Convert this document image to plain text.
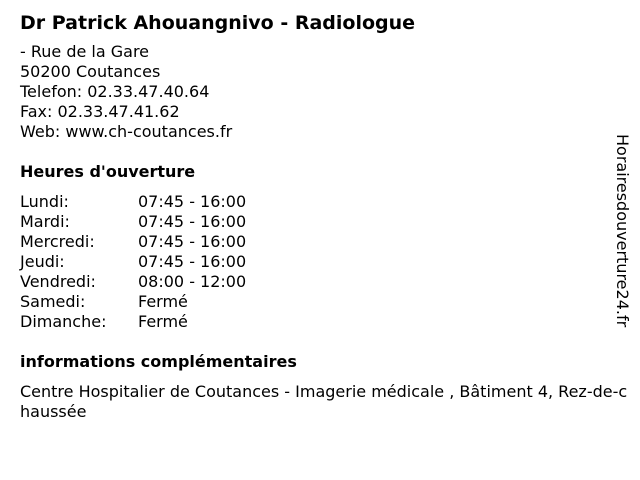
Dr Patrick Ahouangnivo - Radiologue
- Rue de la Gare
50200 Coutances
Telefon: 02.33.47.40.64
Fax: 02.33.47.41.62
Web: www.ch-coutances.fr
Heures d'ouverture
Lundi:	07:45 - 16:00
Mardi:	07:45 - 16:00
Mercredi:	07:45 - 16:00
Jeudi:	07:45 - 16:00
Vendredi:	08:00 - 12:00
Samedi:	Fermé
Dimanche:	Fermé
informations complémentaires
Centre Hospitalier de Coutances - Imagerie médicale , Bâtiment 4, Rez-de-chaussée
Horairesdouverture24.fr
